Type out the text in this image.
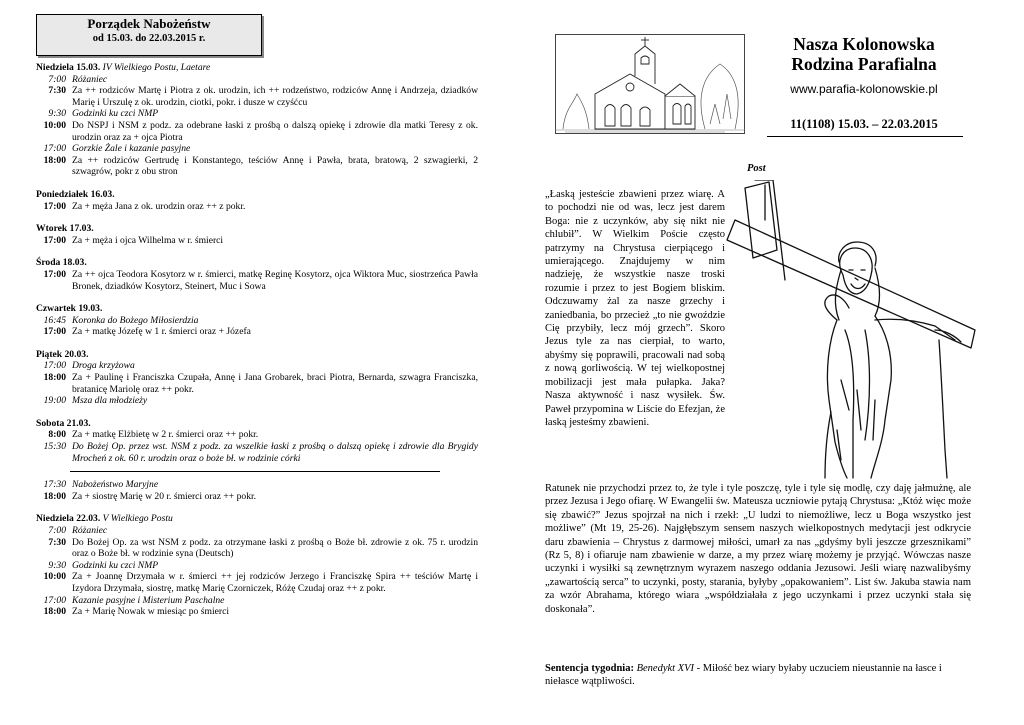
Porządek Nabożeństw
od 15.03. do 22.03.2015 r.
Niedziela 15.03. IV Wielkiego Postu, Laetare
7:00 Różaniec
7:30 Za ++ rodziców Martę i Piotra z ok. urodzin, ich ++ rodzeństwo, rodziców Annę i Andrzeja, dziadków Marię i Urszulę z ok. urodzin, ciotki, pokr. i dusze w czyśćcu
9:30 Godzinki ku czci NMP
10:00 Do NSPJ i NSM z podz. za odebrane łaski z prośbą o dalszą opiekę i zdrowie dla matki Teresy z ok. urodzin oraz za + ojca Piotra
17:00 Gorzkie Żale i kazanie pasyjne
18:00 Za ++ rodziców Gertrudę i Konstantego, teściów Annę i Pawła, brata, bratową, 2 szwagierki, 2 szwagrów, pokr z obu stron
Poniedziałek 16.03.
17:00 Za + męża Jana z ok. urodzin oraz ++ z pokr.
Wtorek 17.03.
17:00 Za + męża i ojca Wilhelma w r. śmierci
Środa 18.03.
17:00 Za ++ ojca Teodora Kosytorz w r. śmierci, matkę Reginę Kosytorz, ojca Wiktora Muc, siostrzeńca Pawła Bronek, dziadków Kosytorz, Steinert, Muc i Sowa
Czwartek 19.03.
16:45 Koronka do Bożego Miłosierdzia
17:00 Za + matkę Józefę w 1 r. śmierci oraz + Józefa
Piątek 20.03.
17:00 Droga krzyżowa
18:00 Za + Paulinę i Franciszka Czupała, Annę i Jana Grobarek, braci Piotra, Bernarda, szwagra Franciszka, bratanicę Mariolę oraz ++ pokr.
19:00 Msza dla młodzieży
Sobota 21.03.
8:00 Za + matkę Elżbietę w 2 r. śmierci oraz ++ pokr.
15:30 Do Bożej Op. przez wst. NSM z podz. za wszelkie łaski z prośbą o dalszą opiekę i zdrowie dla Brygidy Mrocheń z ok. 60 r. urodzin oraz o boże bł. w rodzinie córki
17:30 Nabożeństwo Maryjne
18:00 Za + siostrę Marię w 20 r. śmierci oraz ++ pokr.
Niedziela 22.03. V Wielkiego Postu
7:00 Różaniec
7:30 Do Bożej Op. za wst NSM z podz. za otrzymane łaski z prośbą o Boże bł. zdrowie z ok. 75 r. urodzin oraz o Boże bł. w rodzinie syna (Deutsch)
9:30 Godzinki ku czci NMP
10:00 Za + Joannę Drzymała w r. śmierci ++ jej rodziców Jerzego i Franciszkę Spira ++ teściów Martę i Izydora Drzymała, siostrę, matkę Marię Czorniczek, Różę Czudaj oraz ++ z pokr.
17:00 Kazanie pasyjne i Misterium Paschalne
18:00 Za + Marię Nowak w miesiąc po śmierci
Nasza Kolonowska
Rodzina Parafialna
www.parafia-kolonowskie.pl
11(1108) 15.03. – 22.03.2015
Post
„Łaską jesteście zbawieni przez wiarę. A to pochodzi nie od was, lecz jest darem Boga: nie z uczynków, aby się nikt nie chlubił”. W Wielkim Poście często patrzymy na Chrystusa cierpiącego i umierającego. Znajdujemy w nim nadzieję, że wszystkie nasze troski rozumie i przez to jest Bogiem bliskim. Odczuwamy żal za nasze grzechy i zaniedbania, bo przecież „to nie gwoździe Cię przybiły, lecz mój grzech”. Skoro Jezus tyle za nas cierpiał, to warto, abyśmy się poprawili, pracowali nad sobą z nową gorliwością. W tej wielkopostnej mobilizacji jest mała pułapka. Jaka? Nasza aktywność i nasz wysiłek. Św. Paweł przypomina w Liście do Efezjan, że łaską jesteśmy zbawieni.
Ratunek nie przychodzi przez to, że tyle i tyle poszczę, tyle i tyle się modlę, czy daję jałmużnę, ale przez Jezusa i Jego ofiarę. W Ewangelii św. Mateusza uczniowie pytają Chrystusa: „Któż więc może się zbawić?” Jezus spojrzał na nich i rzekł: „U ludzi to niemożliwe, lecz u Boga wszystko jest możliwe” (Mt 19, 25-26). Najgłębszym sensem naszych wielkopostnych medytacji jest odkrycie daru zbawienia – Chrystus z darmowej miłości, umarł za nas „gdyśmy byli jeszcze grzesznikami” (Rz 5, 8) i ofiaruje nam zbawienie w darze, a my przez wiarę możemy je przyjąć. Wówczas nasze uczynki i wysiłki są zewnętrznym wyrazem naszego oddania Jezusowi. Jeśli wiarę nazwalibyśmy „zawartością serca” to uczynki, posty, starania, byłyby „opakowaniem”. List św. Jakuba stawia nam za wzór Abrahama, którego wiara „współdziałała z jego uczynkami i przez uczynki stała się doskonała”.
Sentencja tygodnia: Benedykt XVI - Miłość bez wiary byłaby uczuciem nieustannie na łasce i niełasce wątpliwości.
